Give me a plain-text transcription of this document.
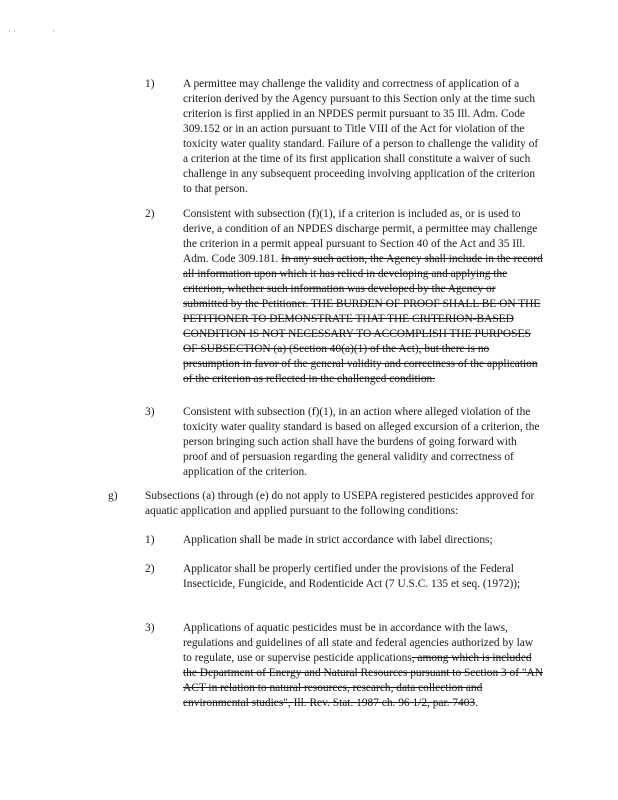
· ·	·
1)	A permittee may challenge the validity and correctness of application of a criterion derived by the Agency pursuant to this Section only at the time such criterion is first applied in an NPDES permit pursuant to 35 Ill. Adm. Code 309.152 or in an action pursuant to Title VIII of the Act for violation of the toxicity water quality standard. Failure of a person to challenge the validity of a criterion at the time of its first application shall constitute a waiver of such challenge in any subsequent proceeding involving application of the criterion to that person.

2)	Consistent with subsection (f)(1), if a criterion is included as, or is used to derive, a condition of an NPDES discharge permit, a permittee may challenge the criterion in a permit appeal pursuant to Section 40 of the Act and 35 Ill. Adm. Code 309.181. In any such action, the Agency shall include in the record all information upon which it has relied in developing and applying the criterion, whether such information was developed by the Agency or submitted by the Petitioner. THE BURDEN OF PROOF SHALL BE ON THE PETITIONER TO DEMONSTRATE THAT THE CRITERION-BASED CONDITION IS NOT NECESSARY TO ACCOMPLISH THE PURPOSES OF SUBSECTION (a) (Section 40(a)(1) of the Act), but there is no presumption in favor of the general validity and correctness of the application of the criterion as reflected in the challenged condition.

3)	Consistent with subsection (f)(1), in an action where alleged violation of the toxicity water quality standard is based on alleged excursion of a criterion, the person bringing such action shall have the burdens of going forward with proof and of persuasion regarding the general validity and correctness of application of the criterion.

g) Subsections (a) through (e) do not apply to USEPA registered pesticides approved for aquatic application and applied pursuant to the following conditions:

1)	Application shall be made in strict accordance with label directions;

2)	Applicator shall be properly certified under the provisions of the Federal Insecticide, Fungicide, and Rodenticide Act (7 U.S.C. 135 et seq. (1972));

3)	Applications of aquatic pesticides must be in accordance with the laws, regulations and guidelines of all state and federal agencies authorized by law to regulate, use or supervise pesticide applications, among which is included the Department of Energy and Natural Resources pursuant to Section 3 of "AN ACT in relation to natural resources, research, data collection and environmental studies", Ill. Rev. Stat. 1987 ch. 96 1/2, par. 7403.
